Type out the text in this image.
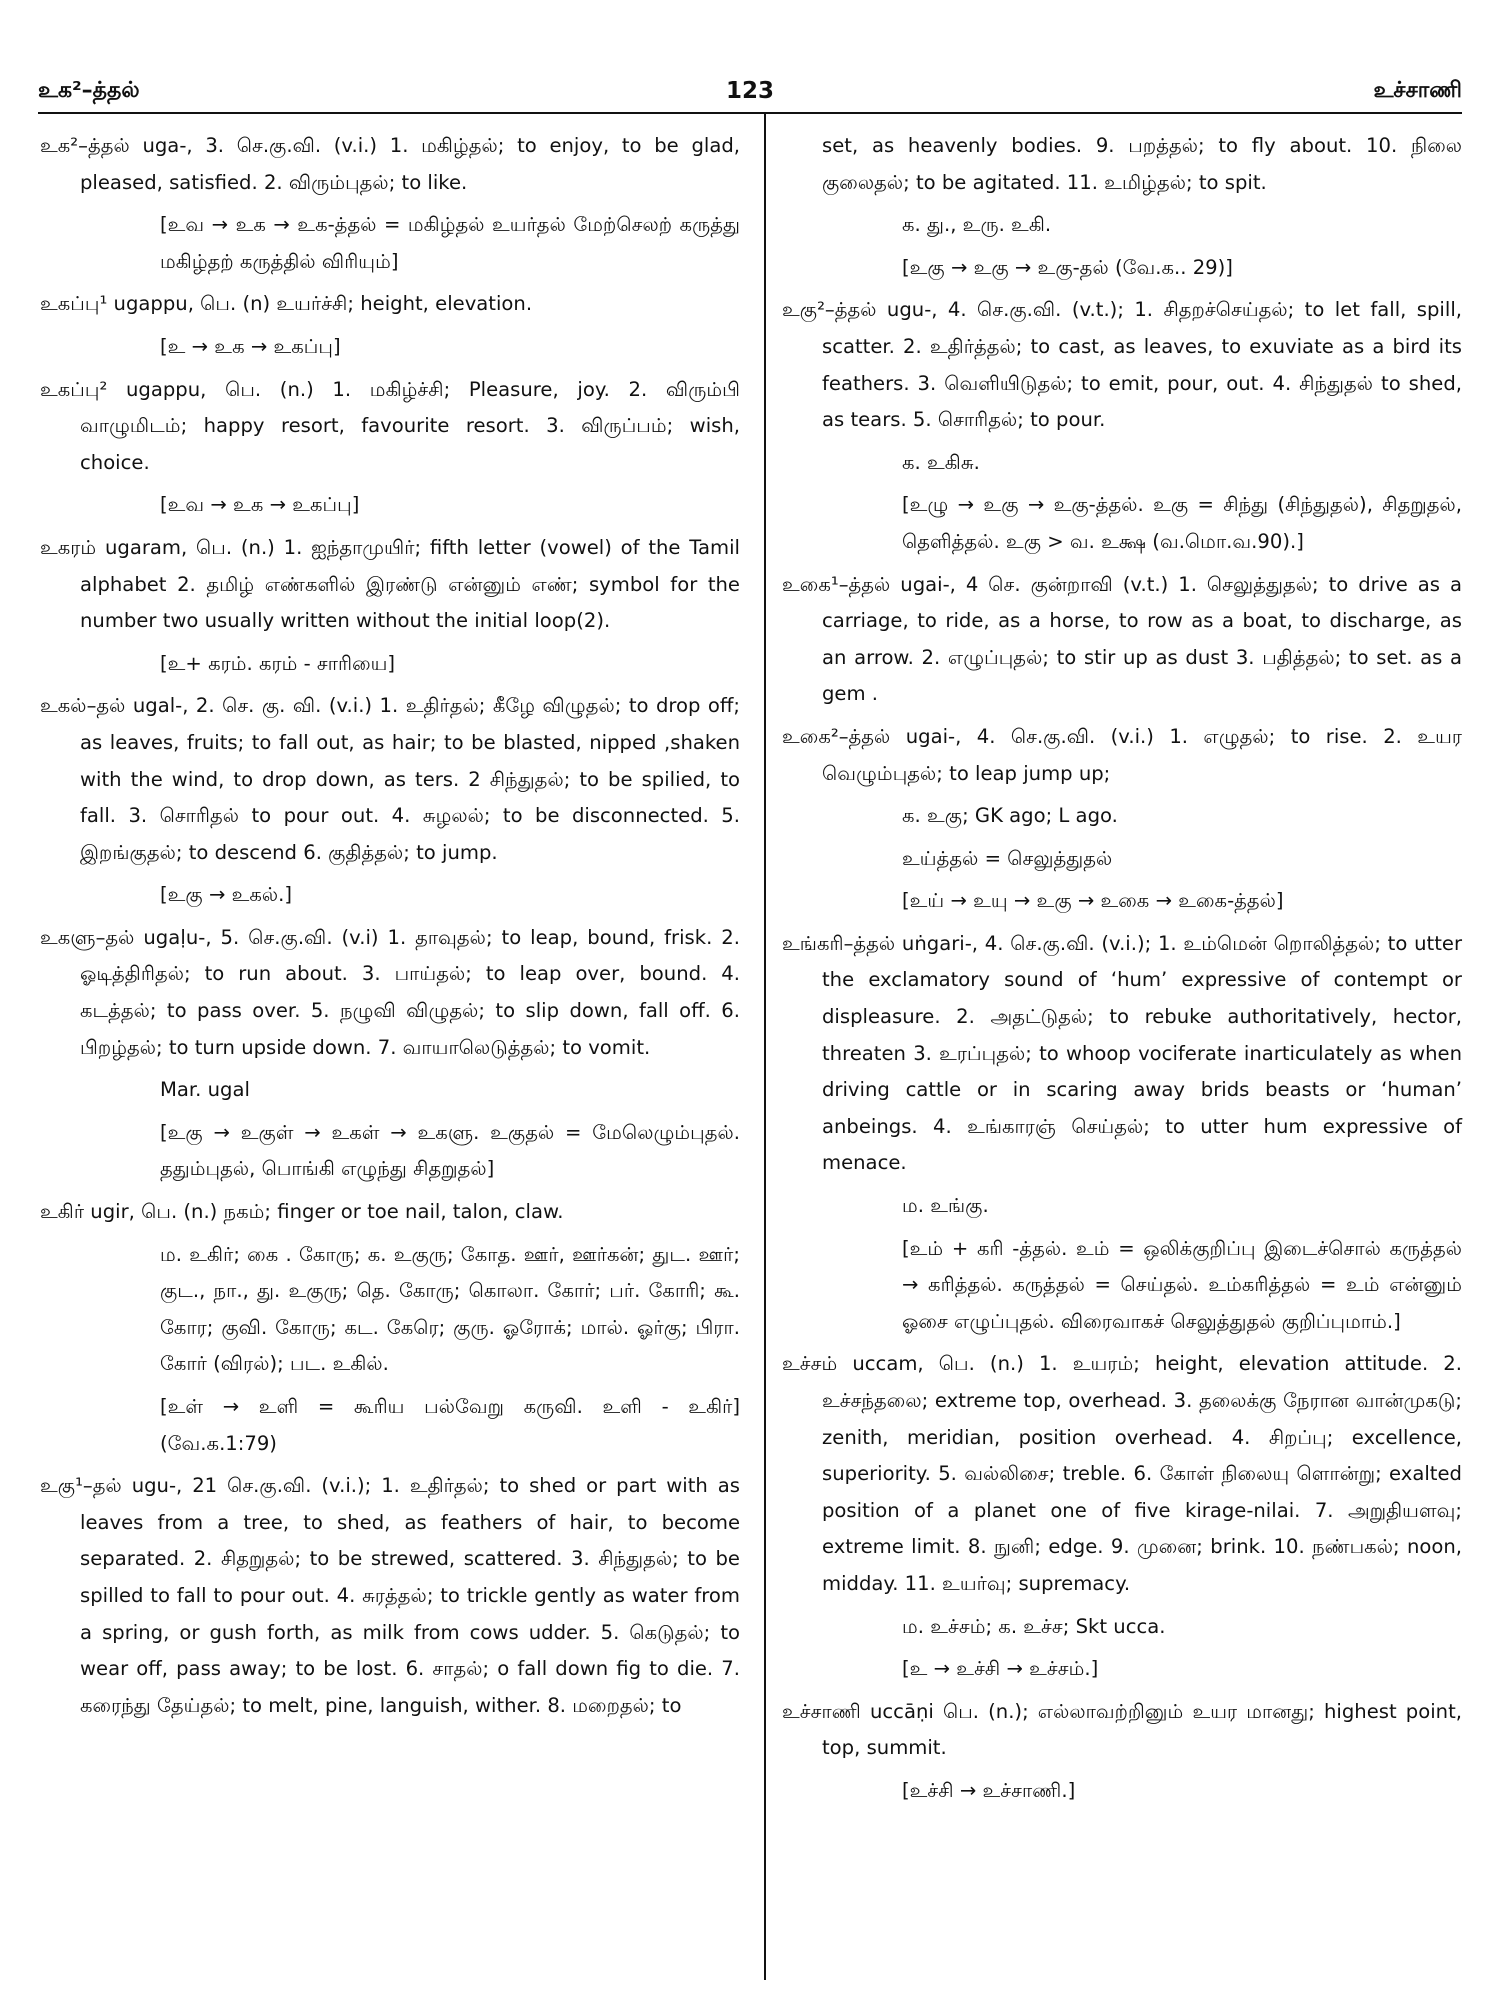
உக²–த்தல்	123	உச்சாணி

உக²–த்தல் uga-, 3. செ.கு.வி. (v.i.) 1. மகிழ்தல்; to enjoy, to be glad, pleased, satisfied. 2. விரும்புதல்; to like.

[உவ → உக → உக-த்தல் = மகிழ்தல் உயர்தல் மேற்செலற் கருத்து மகிழ்தற் கருத்தில் விரியும்]

உகப்பு¹ ugappu, பெ. (n) உயர்ச்சி; height, elevation.

[உ → உக → உகப்பு]

உகப்பு² ugappu, பெ. (n.) 1. மகிழ்ச்சி; Pleasure, joy. 2. விரும்பி வாழுமிடம்; happy resort, favourite resort. 3. விருப்பம்; wish, choice.

[உவ → உக → உகப்பு]

உகரம் ugaram, பெ. (n.) 1. ஐந்தாமுயிர்; fifth letter (vowel) of the Tamil alphabet 2. தமிழ் எண்களில் இரண்டு என்னும் எண்; symbol for the number two usually written without the initial loop(2).

[உ+ கரம். கரம் - சாரியை]

உகல்–தல் ugal-, 2. செ. கு. வி. (v.i.) 1. உதிர்தல்; கீழே விழுதல்; to drop off; as leaves, fruits; to fall out, as hair; to be blasted, nipped ,shaken with the wind, to drop down, as ters. 2 சிந்துதல்; to be spilied, to fall. 3. சொரிதல் to pour out. 4. சுழலல்; to be disconnected. 5. இறங்குதல்; to descend 6. குதித்தல்; to jump.

[உகு → உகல்.]

உகளு–தல் ugaḷu-, 5. செ.கு.வி. (v.i) 1. தாவுதல்; to leap, bound, frisk. 2. ஓடித்திரிதல்; to run about. 3. பாய்தல்; to leap over, bound. 4. கடத்தல்; to pass over. 5. நழுவி விழுதல்; to slip down, fall off. 6. பிறழ்தல்; to turn upside down. 7. வாயாலெடுத்தல்; to vomit.

Mar. ugal

[உகு → உகுள் → உகள் → உகளு. உகுதல் = மேலெழும்புதல். ததும்புதல், பொங்கி எழுந்து சிதறுதல்]

உகிர் ugir, பெ. (n.) நகம்; finger or toe nail, talon, claw.

ம. உகிர்; கை . கோரு; க. உகுரு; கோத. ஊர், ஊர்கன்; துட. ஊர்; குட., நா., து. உகுரு; தெ. கோரு; கொலா. கோர்; பர். கோரி; கூ. கோர; குவி. கோரு; கட. கேரெ; குரு. ஓரோக்; மால். ஓர்கு; பிரா. கோர் (விரல்); பட. உகில்.

[உள் → உளி = கூரிய பல்வேறு கருவி. உளி - உகிர்] (வே.க.1:79)

உகு¹–தல் ugu-, 21 செ.கு.வி. (v.i.); 1. உதிர்தல்; to shed or part with as leaves from a tree, to shed, as feathers of hair, to become separated. 2. சிதறுதல்; to be strewed, scattered. 3. சிந்துதல்; to be spilled to fall to pour out. 4. சுரத்தல்; to trickle gently as water from a spring, or gush forth, as milk from cows udder. 5. கெடுதல்; to wear off, pass away; to be lost. 6. சாதல்; o fall down fig to die. 7. கரைந்து தேய்தல்; to melt, pine, languish, wither. 8. மறைதல்; to

set, as heavenly bodies. 9. பறத்தல்; to fly about. 10. நிலை குலைதல்; to be agitated. 11. உமிழ்தல்; to spit.

க. து., உரு. உகி.

[உகு → உகு → உகு-தல் (வே.க.. 29)]

உகு²–த்தல் ugu-, 4. செ.கு.வி. (v.t.); 1. சிதறச்செய்தல்; to let fall, spill, scatter. 2. உதிர்த்தல்; to cast, as leaves, to exuviate as a bird its feathers. 3. வெளியிடுதல்; to emit, pour, out. 4. சிந்துதல் to shed, as tears. 5. சொரிதல்; to pour.

க. உகிசு.

[உழு → உகு → உகு-த்தல். உகு = சிந்து (சிந்துதல்), சிதறுதல், தெளித்தல். உகு > வ. உக்ஷ (வ.மொ.வ.90).]

உகை¹–த்தல் ugai-, 4 செ. குன்றாவி (v.t.) 1. செலுத்துதல்; to drive as a carriage, to ride, as a horse, to row as a boat, to discharge, as an arrow. 2. எழுப்புதல்; to stir up as dust 3. பதித்தல்; to set. as a gem .

உகை²–த்தல் ugai-, 4. செ.கு.வி. (v.i.) 1. எழுதல்; to rise. 2. உயர வெழும்புதல்; to leap jump up;

க. உகு; GK ago; L ago.

உய்த்தல் = செலுத்துதல்

[உய் → உயு → உகு → உகை → உகை-த்தல்]

உங்கரி–த்தல் uṅgari-, 4. செ.கு.வி. (v.i.); 1. உம்மென் றொலித்தல்; to utter the exclamatory sound of ‘hum’ expressive of contempt or displeasure. 2. அதட்டுதல்; to rebuke authoritatively, hector, threaten 3. உரப்புதல்; to whoop vociferate inarticulately as when driving cattle or in scaring away brids beasts or ‘human’ anbeings. 4. உங்காரஞ் செய்தல்; to utter hum expressive of menace.

ம. உங்கு.

[உம் + கரி -த்தல். உம் = ஒலிக்குறிப்பு இடைச்சொல் கருத்தல் → கரித்தல். கருத்தல் = செய்தல். உம்கரித்தல் = உம் என்னும் ஓசை எழுப்புதல். விரைவாகச் செலுத்துதல் குறிப்புமாம்.]

உச்சம் uccam, பெ. (n.) 1. உயரம்; height, elevation attitude. 2. உச்சந்தலை; extreme top, overhead. 3. தலைக்கு நேரான வான்முகடு; zenith, meridian, position overhead. 4. சிறப்பு; excellence, superiority. 5. வல்லிசை; treble. 6. கோள் நிலையு ளொன்று; exalted position of a planet one of five kirage-nilai. 7. அறுதியளவு; extreme limit. 8. நுனி; edge. 9. முனை; brink. 10. நண்பகல்; noon, midday. 11. உயர்வு; supremacy.

ம. உச்சம்; க. உச்ச; Skt ucca.

[உ → உச்சி → உச்சம்.]

உச்சாணி uccāṇi பெ. (n.); எல்லாவற்றினும் உயர மானது; highest point, top, summit.

[உச்சி → உச்சாணி.]
